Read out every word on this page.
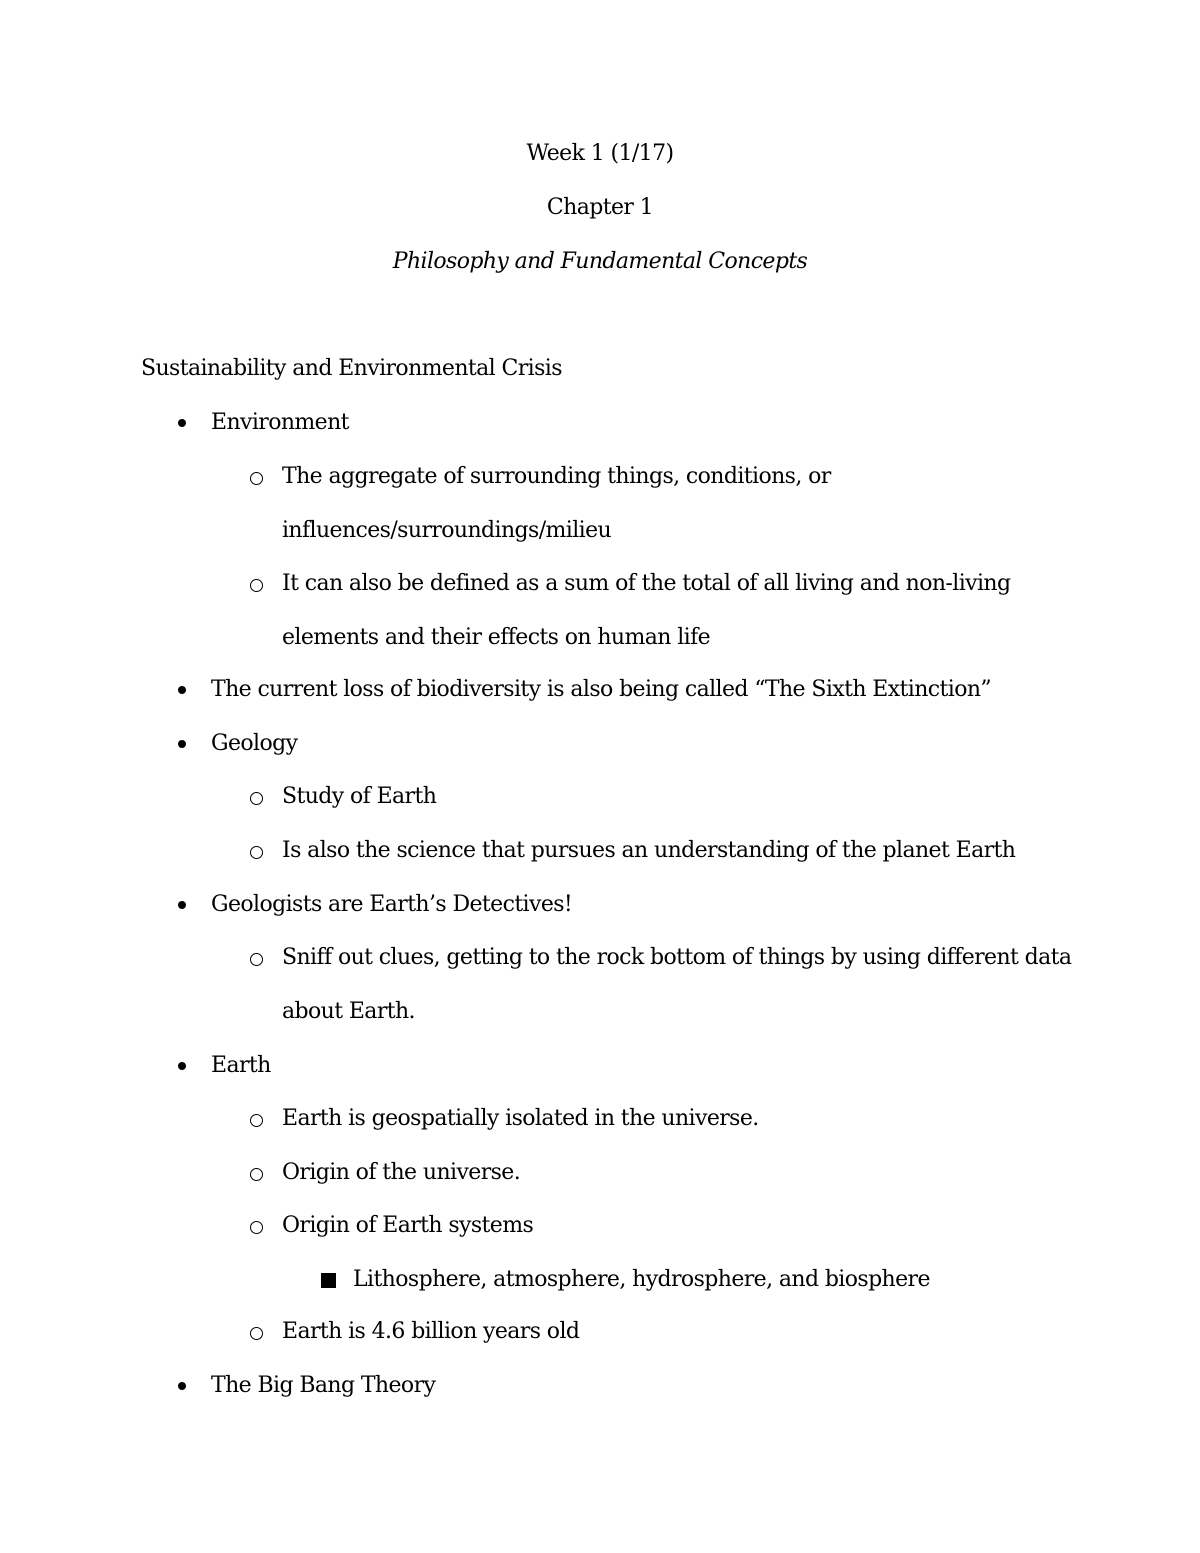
Week 1 (1/17)
Chapter 1
Philosophy and Fundamental Concepts
Sustainability and Environmental Crisis
Environment
The aggregate of surrounding things, conditions, or
influences/surroundings/milieu
It can also be defined as a sum of the total of all living and non-living
elements and their effects on human life
The current loss of biodiversity is also being called “The Sixth Extinction”
Geology
Study of Earth
Is also the science that pursues an understanding of the planet Earth
Geologists are Earth’s Detectives!
Sniff out clues, getting to the rock bottom of things by using different data
about Earth.
Earth
Earth is geospatially isolated in the universe.
Origin of the universe.
Origin of Earth systems
Lithosphere, atmosphere, hydrosphere, and biosphere
Earth is 4.6 billion years old
The Big Bang Theory
